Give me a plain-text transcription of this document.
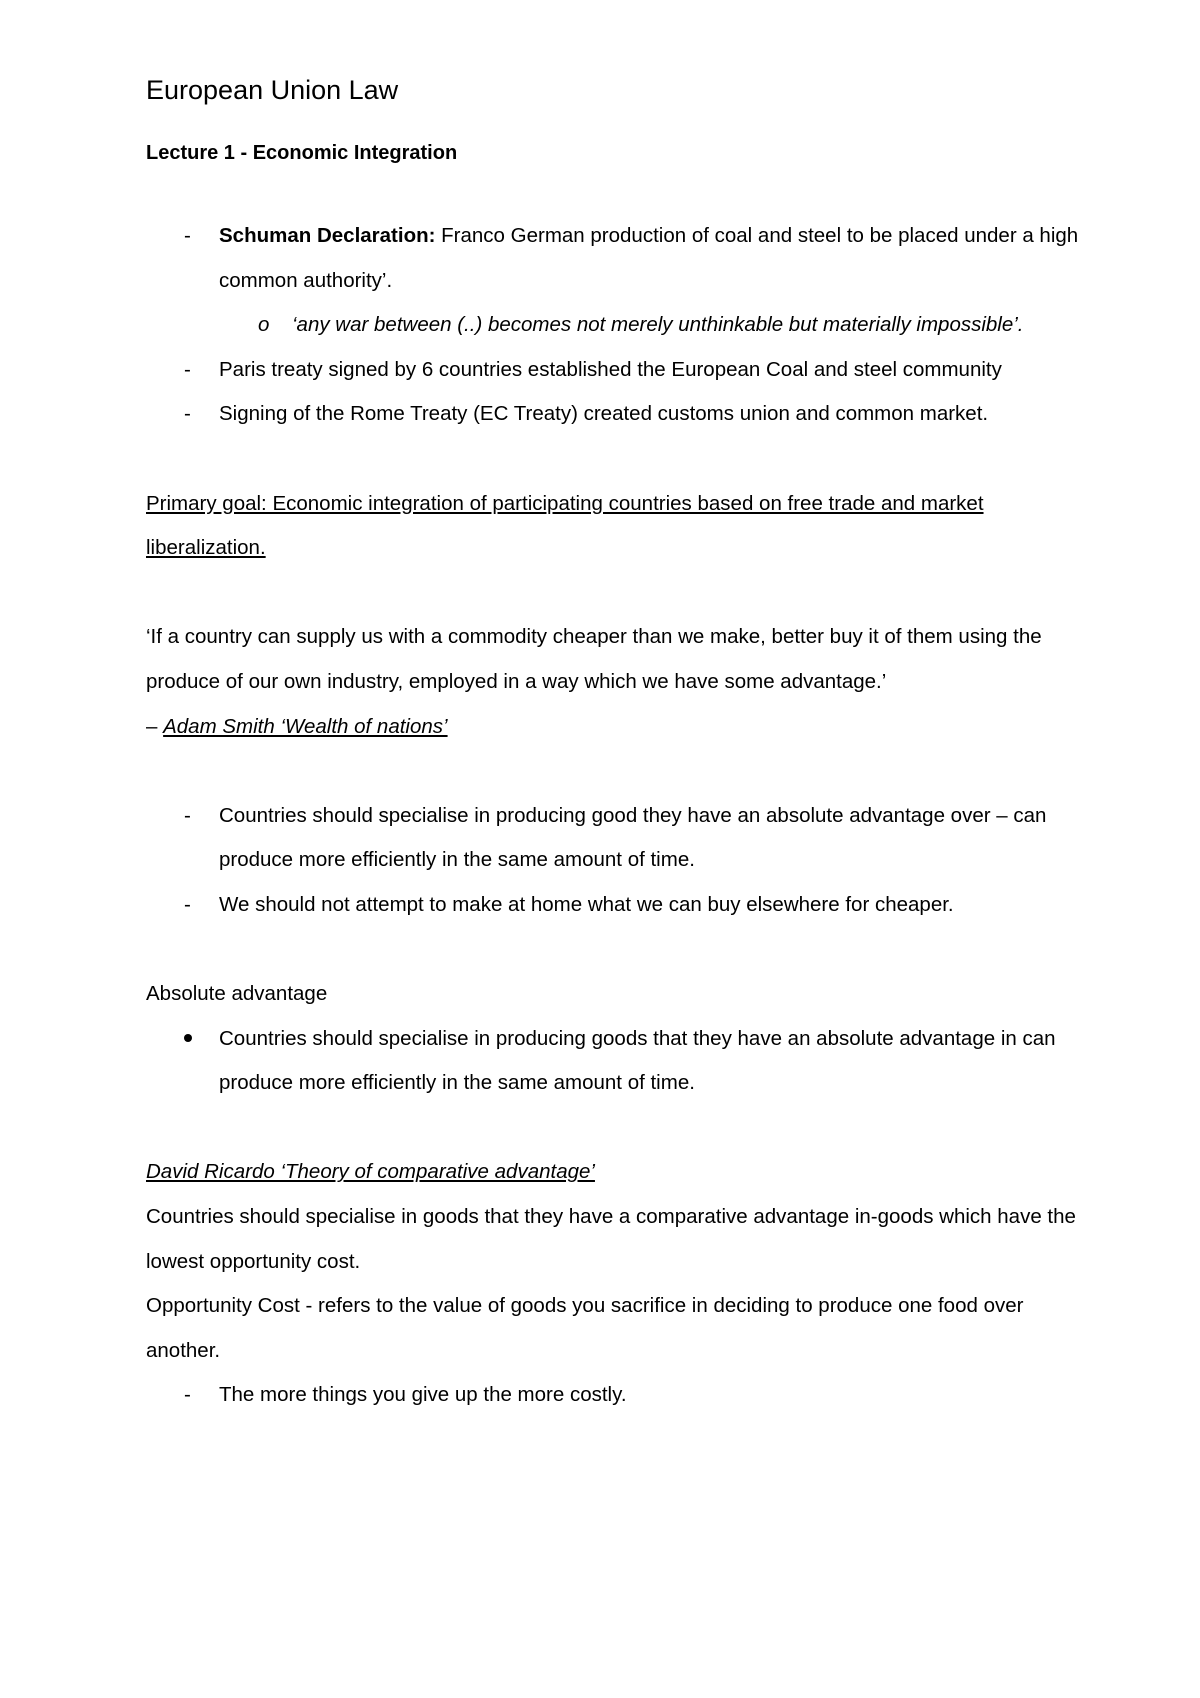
European Union Law
Lecture 1 - Economic Integration
- Schuman Declaration: Franco German production of coal and steel to be placed under a high common authority’.
o ‘any war between (..) becomes not merely unthinkable but materially impossible’.
- Paris treaty signed by 6 countries established the European Coal and steel community
- Signing of the Rome Treaty (EC Treaty) created customs union and common market.

Primary goal: Economic integration of participating countries based on free trade and market liberalization.

‘If a country can supply us with a commodity cheaper than we make, better buy it of them using the produce of our own industry, employed in a way which we have some advantage.’

– Adam Smith ‘Wealth of nations’

- Countries should specialise in producing good they have an absolute advantage over – can produce more efficiently in the same amount of time.
- We should not attempt to make at home what we can buy elsewhere for cheaper.

Absolute advantage

Countries should specialise in producing goods that they have an absolute advantage in can produce more efficiently in the same amount of time.

David Ricardo ‘Theory of comparative advantage’

Countries should specialise in goods that they have a comparative advantage in-goods which have the lowest opportunity cost.

Opportunity Cost - refers to the value of goods you sacrifice in deciding to produce one food over another.

- The more things you give up the more costly.
